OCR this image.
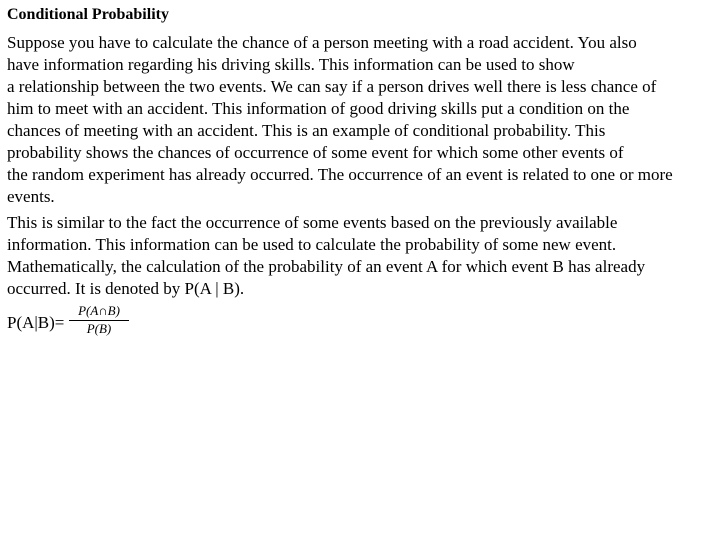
Conditional Probability
Suppose you have to calculate the chance of a person meeting with a road accident. You also
have information regarding his driving skills. This information can be used to show
a relationship between the two events. We can say if a person drives well there is less chance of
him to meet with an accident. This information of good driving skills put a condition on the
chances of meeting with an accident. This is an example of conditional probability. This
probability shows the chances of occurrence of some event for which some other events of
the random experiment has already occurred. The occurrence of an event is related to one or more
events.
This is similar to the fact the occurrence of some events based on the previously available
information. This information can be used to calculate the probability of some new event.
Mathematically, the calculation of the probability of an event A for which event B has already
occurred. It is denoted by P(A | B).
P(A|B)=
P(A∩B)
P(B)
